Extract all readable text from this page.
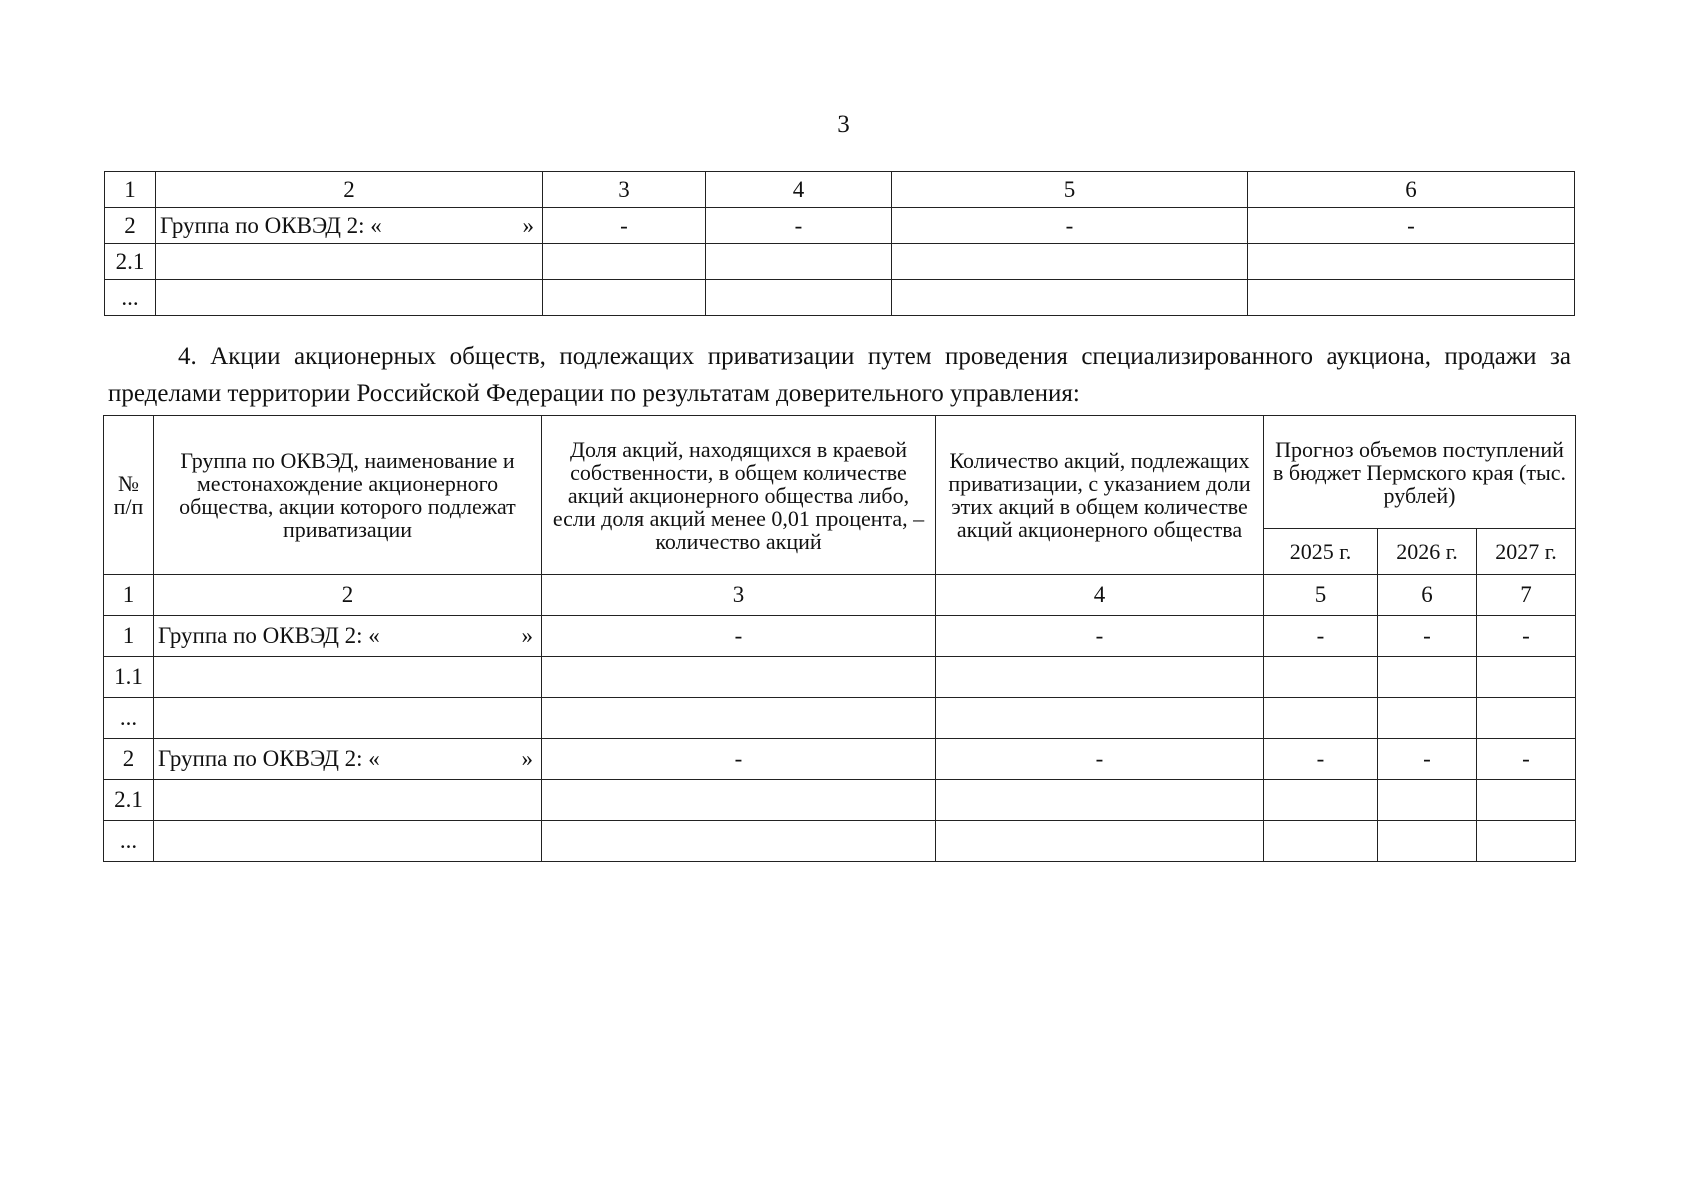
3
1	2	3	4	5	6
2	Группа по ОКВЭД 2: « »	-	-	-	-
2.1					
...					
4. Акции акционерных обществ, подлежащих приватизации путем проведения специализированного аукциона, продажи за пределами территории Российской Федерации по результатам доверительного управления:
№ п/п	Группа по ОКВЭД, наименование и местонахождение акционерного общества, акции которого подлежат приватизации	Доля акций, находящихся в краевой собственности, в общем количестве акций акционерного общества либо, если доля акций менее 0,01 процента, – количество акций	Количество акций, подлежащих приватизации, с указанием доли этих акций в общем количестве акций акционерного общества	Прогноз объемов поступлений в бюджет Пермского края (тыс. рублей)		
				2025 г.	2026 г.	2027 г.
1	2	3	4	5	6	7
1	Группа по ОКВЭД 2: « »	-	-	-	-	-
1.1						
...						
2	Группа по ОКВЭД 2: « »	-	-	-	-	-
2.1						
...						
